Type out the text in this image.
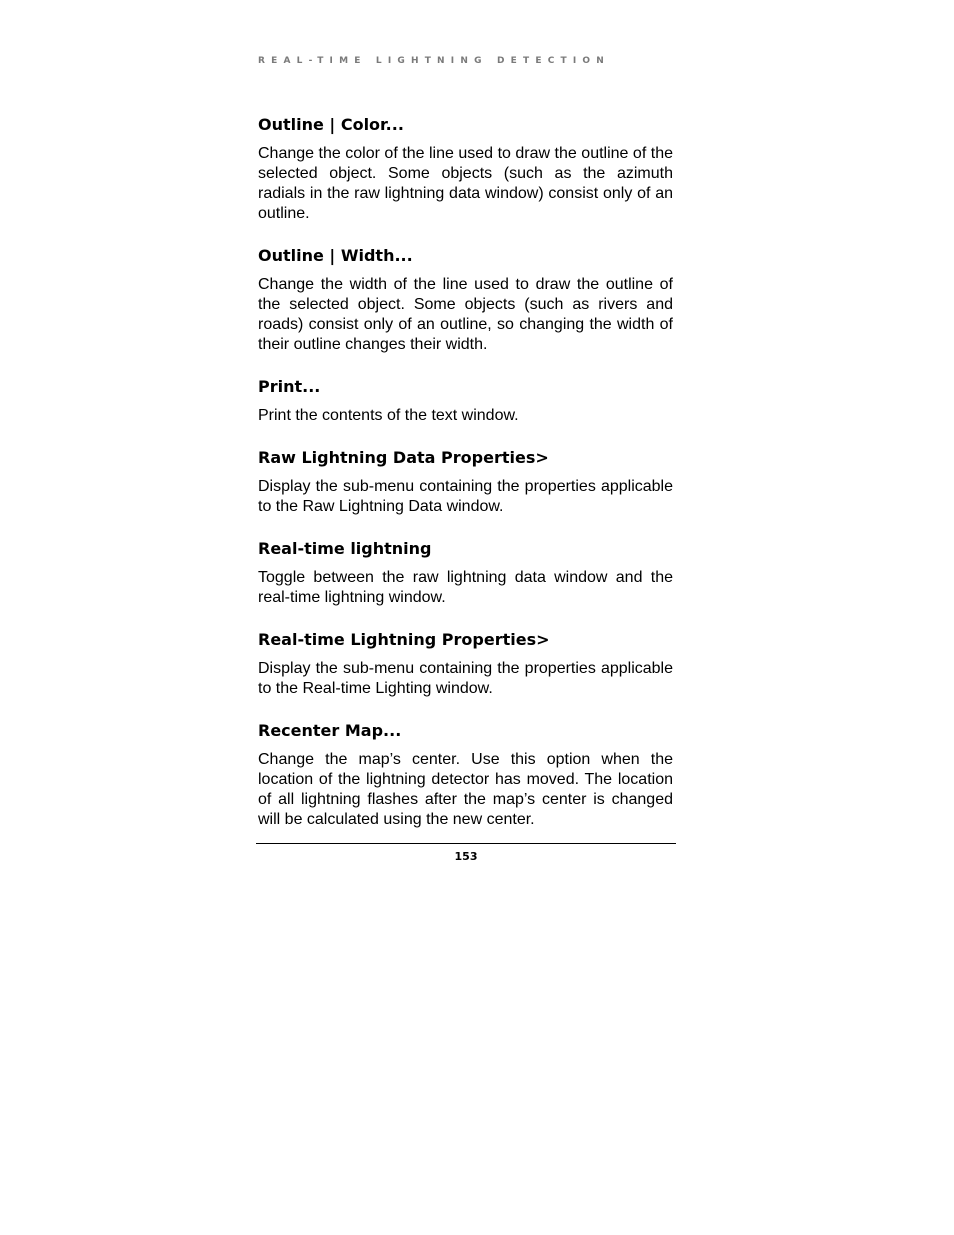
REAL-TIME LIGHTNING DETECTION
Outline | Color...
Change the color of the line used to draw the outline of the selected object. Some objects (such as the azimuth radials in the raw lightning data window) consist only of an outline.
Outline | Width...
Change the width of the line used to draw the outline of the selected object. Some objects (such as rivers and roads) consist only of an outline, so changing the width of their outline changes their width.
Print...
Print the contents of the text window.
Raw Lightning Data Properties>
Display the sub-menu containing the properties applicable to the Raw Lightning Data window.
Real-time lightning
Toggle between the raw lightning data window and the real-time lightning window.
Real-time Lightning Properties>
Display the sub-menu containing the properties applicable to the Real-time Lighting window.
Recenter Map...
Change the map’s center. Use this option when the location of the lightning detector has moved. The location of all lightning flashes after the map’s center is changed will be calculated using the new center.
153
